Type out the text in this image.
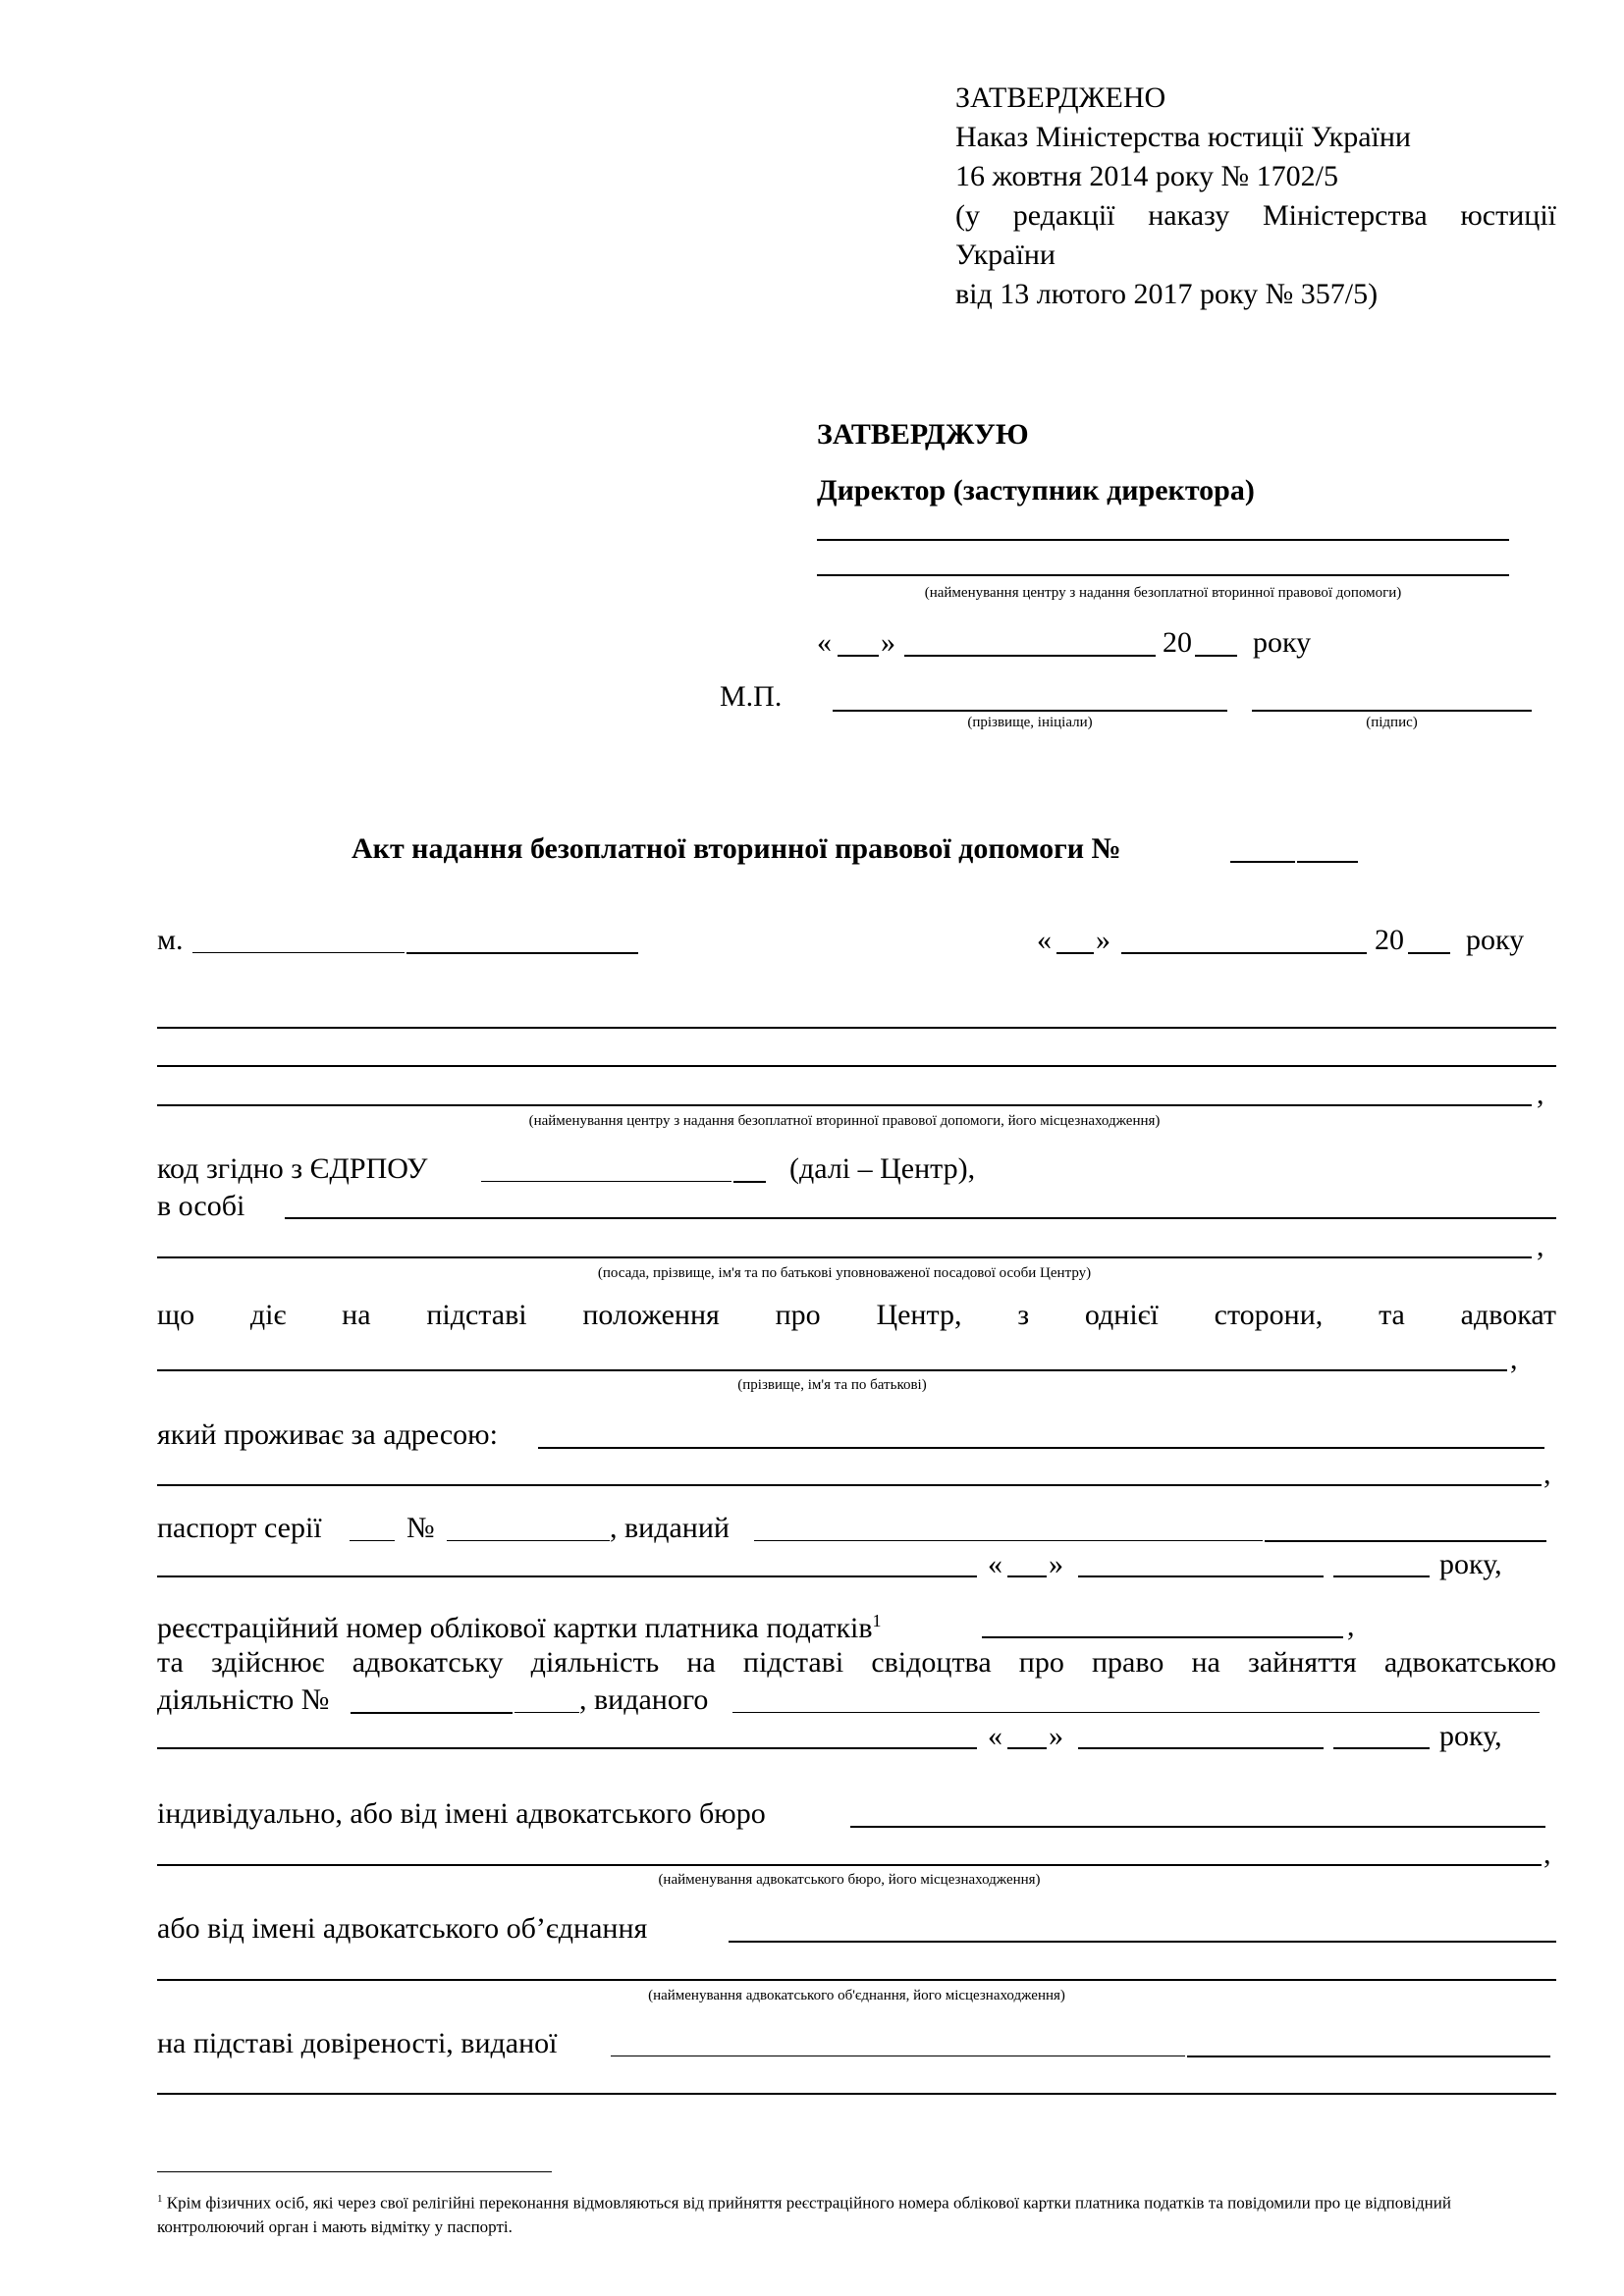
ЗАТВЕРДЖЕНО
Наказ Міністерства юстиції України
16 жовтня 2014 року № 1702/5
(у редакції наказу Міністерства юстиції
України
від 13 лютого 2017 року № 357/5)
ЗАТВЕРДЖУЮ
Директор (заступник директора)
(найменування центру з надання безоплатної вторинної правової допомоги)
« »	20 року
М.П.
(прізвище, ініціали)	(підпис)
Акт надання безоплатної вторинної правової допомоги №
м.	« »	20 року
,
(найменування центру з надання безоплатної вторинної правової допомоги, його місцезнаходження)
код згідно з ЄДРПОУ	(далі – Центр),
в особі
,
(посада, прізвище, ім'я та по батькові уповноваженої посадової особи Центру)
що діє на підставі положення про Центр, з однієї сторони, та адвокат
,
(прізвище, ім'я та по батькові)
який проживає за адресою:
,
паспорт серії	№	, виданий
« »	року,
реєстраційний номер облікової картки платника податків$^1$	,
та здійснює адвокатську діяльність на підставі свідоцтва про право на зайняття адвокатською
діяльністю №	, виданого
« »	року,
індивідуально, або від імені адвокатського бюро
,
(найменування адвокатського бюро, його місцезнаходження)
або від імені адвокатського об’єднання
(найменування адвокатського об'єднання, його місцезнаходження)
на підставі довіреності, виданої
$^1$ Крім фізичних осіб, які через свої релігійні переконання відмовляються від прийняття реєстраційного номера облікової картки платника податків та повідомили про це відповідний контролюючий орган і мають відмітку у паспорті.
